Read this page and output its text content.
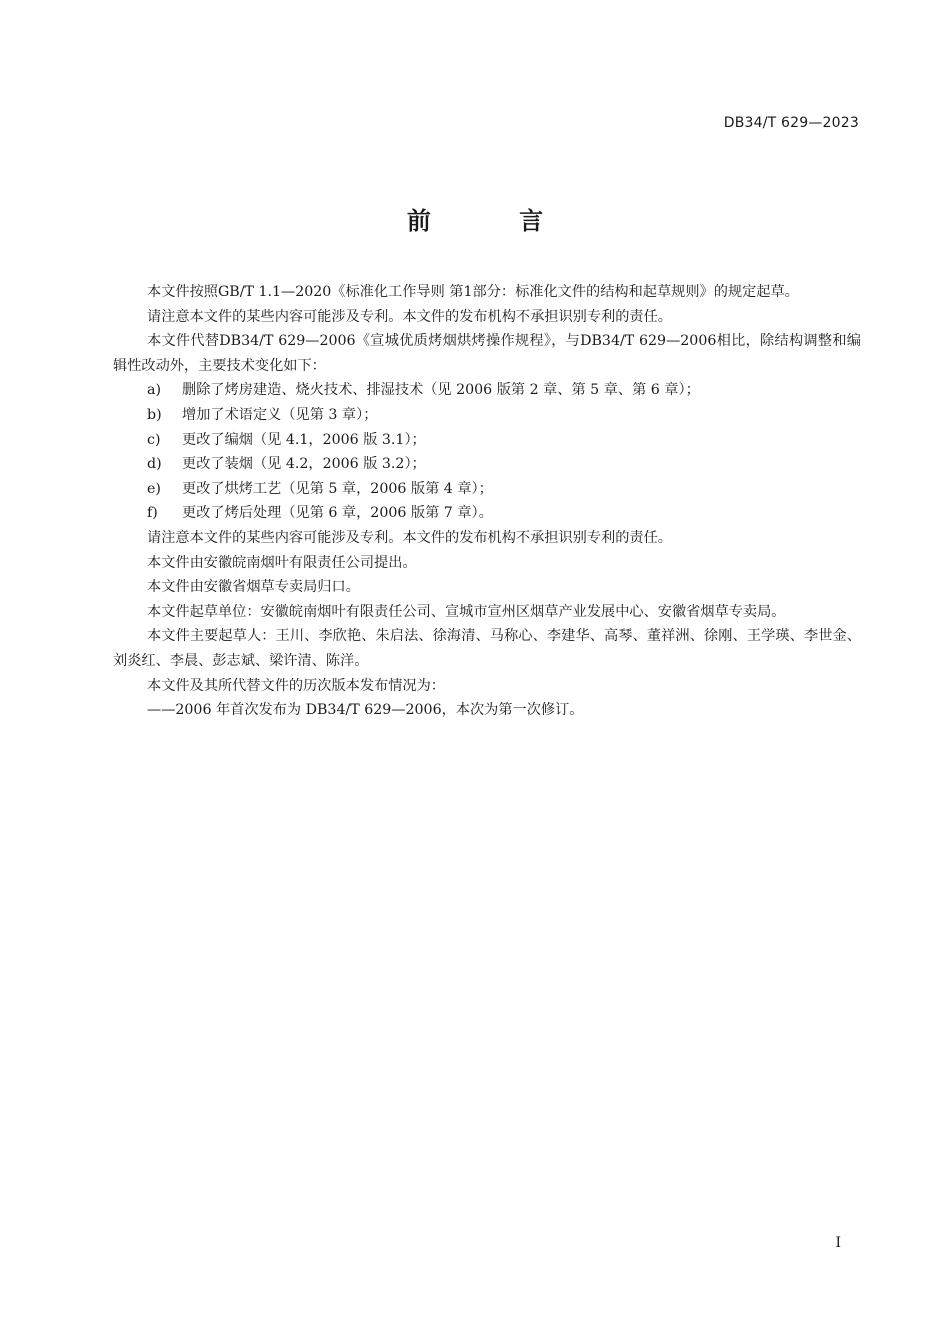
DB34/T 629—2023
前 言

本文件按照GB/T 1.1—2020《标准化工作导则 第1部分：标准化文件的结构和起草规则》的规定起草。

请注意本文件的某些内容可能涉及专利。本文件的发布机构不承担识别专利的责任。

本文件代替DB34/T 629—2006《宣城优质烤烟烘烤操作规程》，与DB34/T 629—2006相比，除结构调整和编辑性改动外，主要技术变化如下：

a)	删除了烤房建造、烧火技术、排湿技术（见 2006 版第 2 章、第 5 章、第 6 章）；

b)	增加了术语定义（见第 3 章）；

c)	更改了编烟（见 4.1，2006 版 3.1）；

d)	更改了装烟（见 4.2，2006 版 3.2）；

e)	更改了烘烤工艺（见第 5 章，2006 版第 4 章）；

f)	更改了烤后处理（见第 6 章，2006 版第 7 章）。

请注意本文件的某些内容可能涉及专利。本文件的发布机构不承担识别专利的责任。

本文件由安徽皖南烟叶有限责任公司提出。

本文件由安徽省烟草专卖局归口。

本文件起草单位：安徽皖南烟叶有限责任公司、宣城市宣州区烟草产业发展中心、安徽省烟草专卖局。

本文件主要起草人：王川、李欣艳、朱启法、徐海清、马称心、李建华、高琴、董祥洲、徐刚、王学瑛、李世金、刘炎红、李晨、彭志斌、梁许清、陈洋。

本文件及其所代替文件的历次版本发布情况为：

——2006 年首次发布为 DB34/T 629—2006，本次为第一次修订。

I
